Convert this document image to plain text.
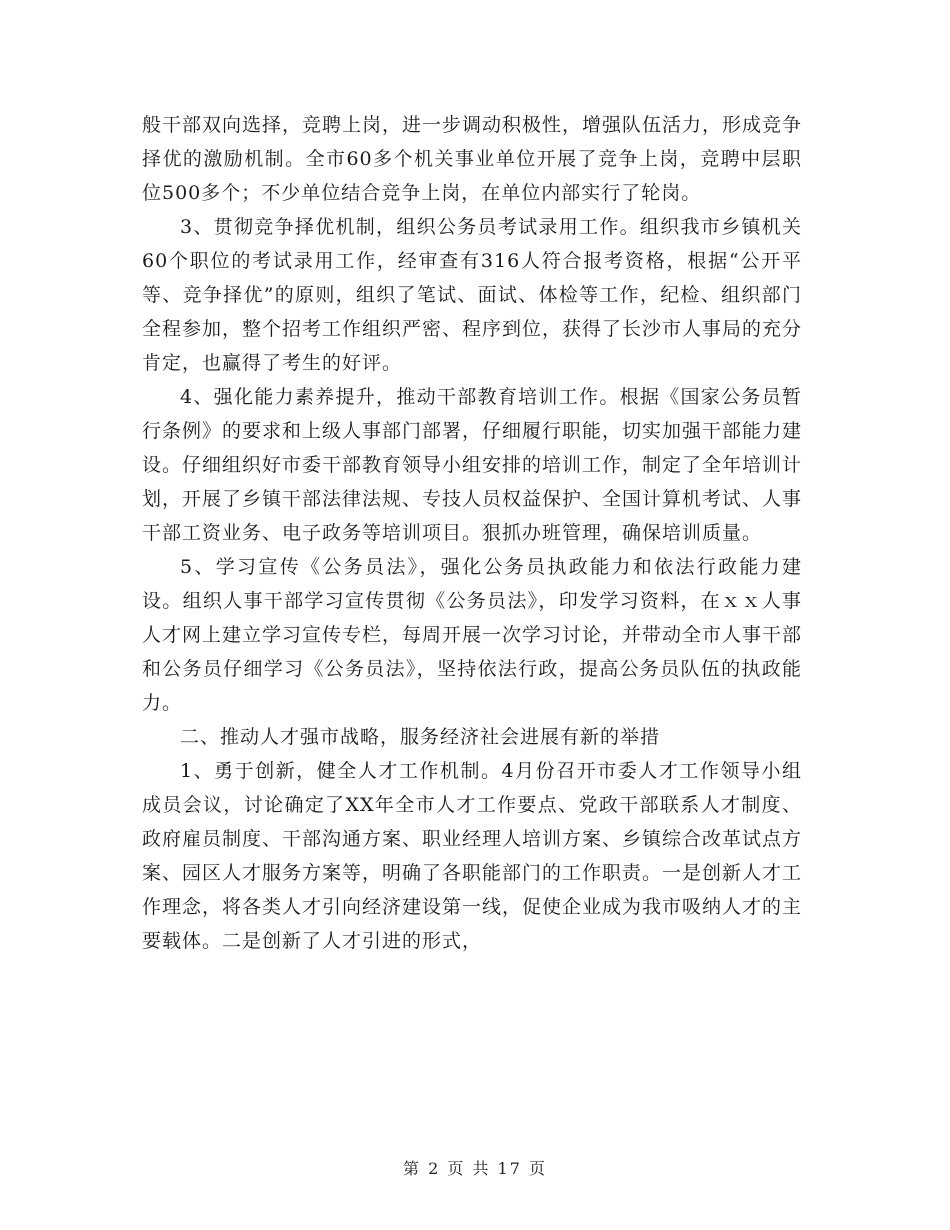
般干部双向选择，竞聘上岗，进一步调动积极性，增强队伍活力，形成竞争择优的激励机制。全市60多个机关事业单位开展了竞争上岗，竞聘中层职位500多个；不少单位结合竞争上岗，在单位内部实行了轮岗。

3、贯彻竞争择优机制，组织公务员考试录用工作。组织我市乡镇机关60个职位的考试录用工作，经审查有316人符合报考资格，根据“公开平等、竞争择优”的原则，组织了笔试、面试、体检等工作，纪检、组织部门全程参加，整个招考工作组织严密、程序到位，获得了长沙市人事局的充分肯定，也赢得了考生的好评。

4、强化能力素养提升，推动干部教育培训工作。根据《国家公务员暂行条例》的要求和上级人事部门部署，仔细履行职能，切实加强干部能力建设。仔细组织好市委干部教育领导小组安排的培训工作，制定了全年培训计划，开展了乡镇干部法律法规、专技人员权益保护、全国计算机考试、人事干部工资业务、电子政务等培训项目。狠抓办班管理，确保培训质量。

5、学习宣传《公务员法》，强化公务员执政能力和依法行政能力建设。组织人事干部学习宣传贯彻《公务员法》，印发学习资料，在ｘｘ人事人才网上建立学习宣传专栏，每周开展一次学习讨论，并带动全市人事干部和公务员仔细学习《公务员法》，坚持依法行政，提高公务员队伍的执政能力。

二、推动人才强市战略，服务经济社会进展有新的举措

1、勇于创新，健全人才工作机制。4月份召开市委人才工作领导小组成员会议，讨论确定了XX年全市人才工作要点、党政干部联系人才制度、政府雇员制度、干部沟通方案、职业经理人培训方案、乡镇综合改革试点方案、园区人才服务方案等，明确了各职能部门的工作职责。一是创新人才工作理念，将各类人才引向经济建设第一线，促使企业成为我市吸纳人才的主要载体。二是创新了人才引进的形式，

第 2 页 共 17 页
